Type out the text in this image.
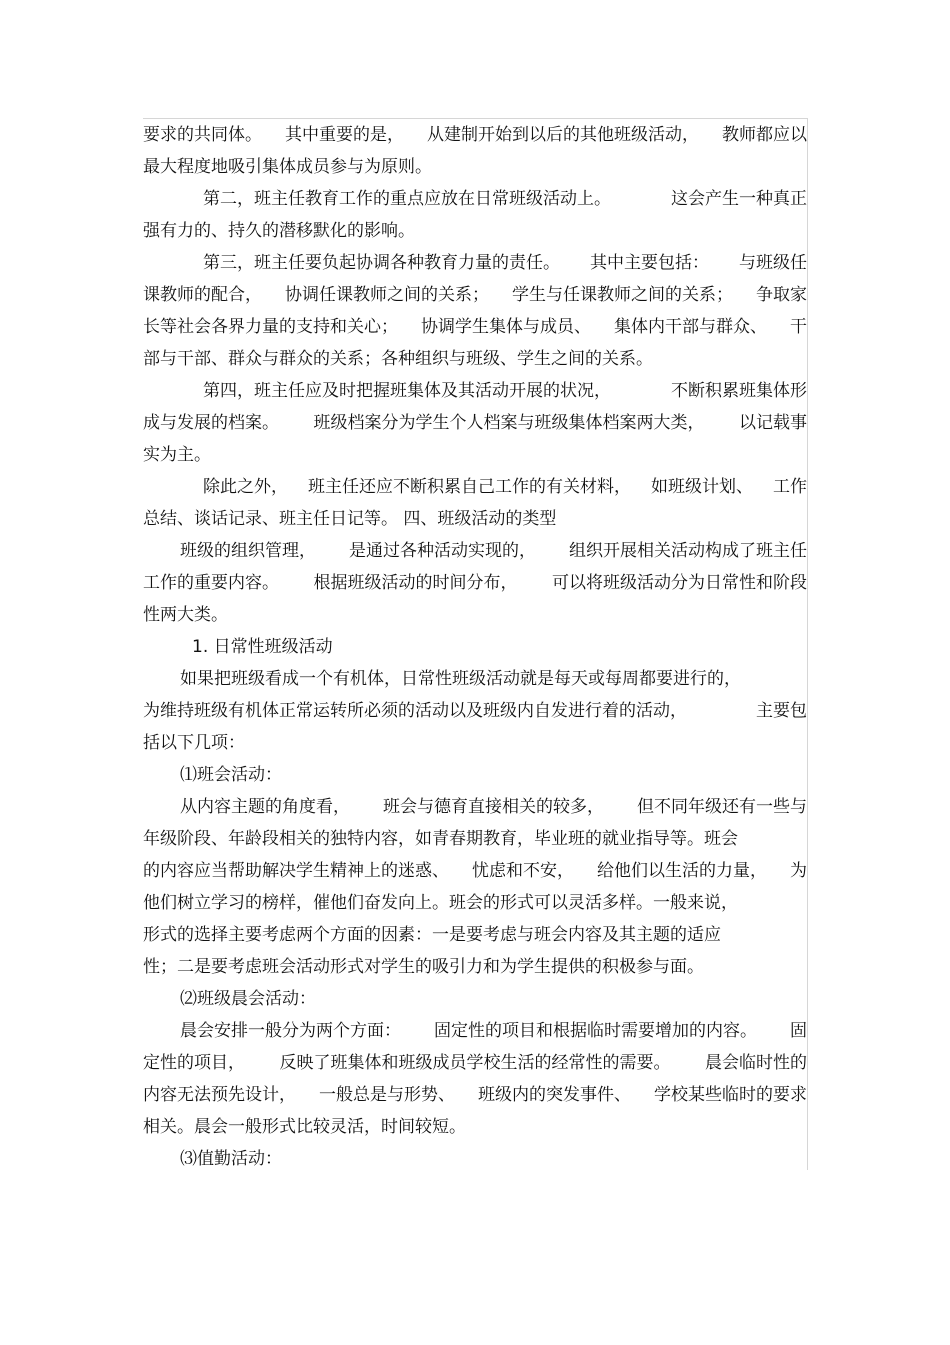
要求的共同体。 其中重要的是， 从建制开始到以后的其他班级活动， 教师都应以
最大程度地吸引集体成员参与为原则。
第二，班主任教育工作的重点应放在日常班级活动上。	这会产生一种真正
强有力的、持久的潜移默化的影响。
第三，班主任要负起协调各种教育力量的责任。 其中主要包括： 与班级任
课教师的配合， 协调任课教师之间的关系； 学生与任课教师之间的关系； 争取家
长等社会各界力量的支持和关心； 协调学生集体与成员、 集体内干部与群众、 干
部与干部、群众与群众的关系；各种组织与班级、学生之间的关系。
第四，班主任应及时把握班集体及其活动开展的状况，	不断积累班集体形
成与发展的档案。 班级档案分为学生个人档案与班级集体档案两大类， 以记载事
实为主。
除此之外， 班主任还应不断积累自己工作的有关材料， 如班级计划、 工作
总结、谈话记录、班主任日记等。 四、班级活动的类型
班级的组织管理， 是通过各种活动实现的， 组织开展相关活动构成了班主任
工作的重要内容。 根据班级活动的时间分布， 可以将班级活动分为日常性和阶段
性两大类。
1. 日常性班级活动
如果把班级看成一个有机体，日常性班级活动就是每天或每周都要进行的，
为维持班级有机体正常运转所必须的活动以及班级内自发进行着的活动，	主要包
括以下几项：
⑴班会活动：
从内容主题的角度看， 班会与德育直接相关的较多， 但不同年级还有一些与
年级阶段、年龄段相关的独特内容，如青春期教育，毕业班的就业指导等。班会
的内容应当帮助解决学生精神上的迷惑、 忧虑和不安， 给他们以生活的力量， 为
他们树立学习的榜样，催他们奋发向上。班会的形式可以灵活多样。一般来说，
形式的选择主要考虑两个方面的因素：一是要考虑与班会内容及其主题的适应
性；二是要考虑班会活动形式对学生的吸引力和为学生提供的积极参与面。
⑵班级晨会活动：
晨会安排一般分为两个方面： 固定性的项目和根据临时需要增加的内容。 固
定性的项目， 反映了班集体和班级成员学校生活的经常性的需要。 晨会临时性的
内容无法预先设计， 一般总是与形势、 班级内的突发事件、 学校某些临时的要求
相关。晨会一般形式比较灵活，时间较短。
⑶值勤活动：
